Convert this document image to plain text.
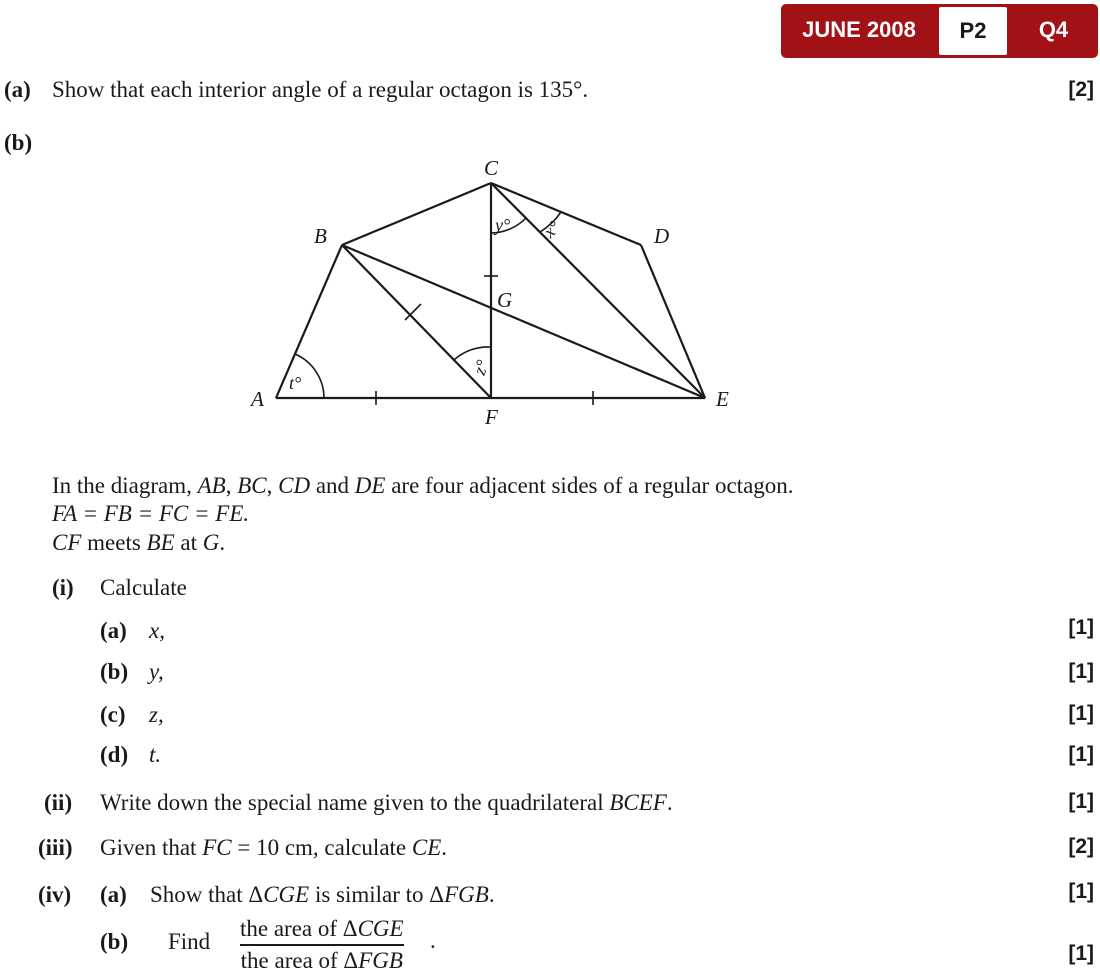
JUNE 2008	P2	Q4
(a) Show that each interior angle of a regular octagon is 135°.	[2]
(b)
A
B
C
D
E
F
G
t°
y° x°
z°
In the diagram, AB, BC, CD and DE are four adjacent sides of a regular octagon.
FA = FB = FC = FE.
CF meets BE at G.
(i) Calculate
(a) x,	[1]
(b) y,	[1]
(c) z,	[1]
(d) t.	[1]
(ii) Write down the special name given to the quadrilateral BCEF.	[1]
(iii) Given that FC = 10 cm, calculate CE.	[2]
(iv) (a) Show that ΔCGE is similar to ΔFGB.	[1]
(b) Find
the area of ΔCGE
the area of ΔFGB
.
[1]
